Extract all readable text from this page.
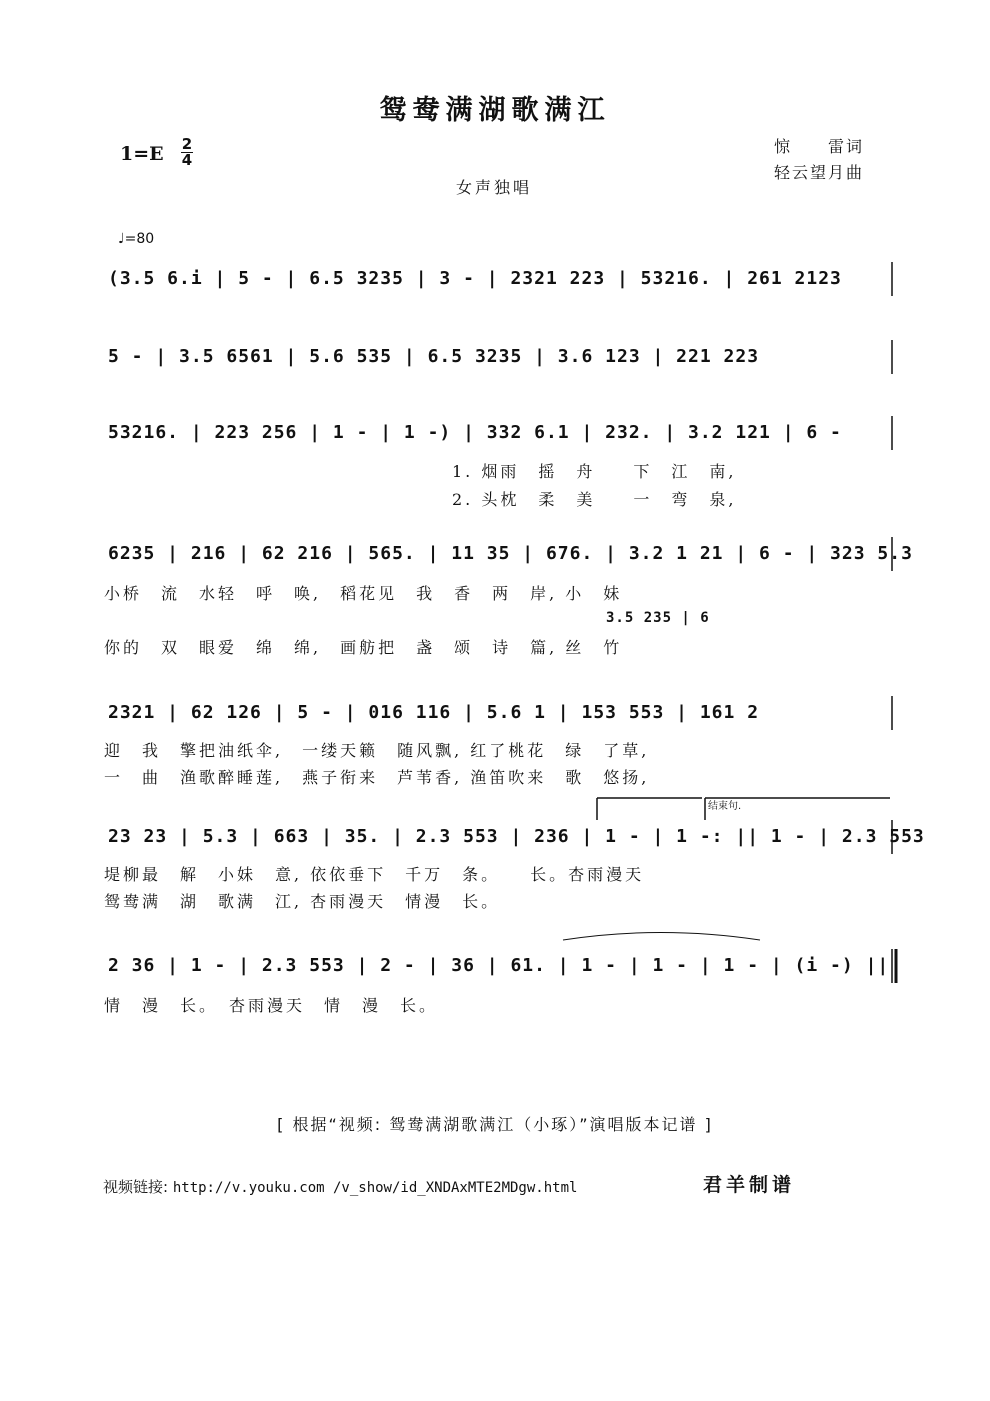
鸳鸯满湖歌满江
1=E 2
4
惊　　雷词
轻云望月曲
女声独唱
♩=80
(3.5 6.i | 5 - | 6.5 3235 | 3 - | 2321 223 | 53216. | 261 2123
5 - | 3.5 6561 | 5.6 535 | 6.5 3235 | 3.6 123 | 221 223
53216. | 223 256 | 1 - | 1 -) | 332 6.1 | 232. | 3.2 121 | 6 -
1. 烟雨　摇　舟　　下　江　南,
2. 头枕　柔　美　　一　弯　泉,
6235 | 216 | 62 216 | 565. | 11 35 | 676. | 3.2 1 21 | 6 - | 323 5.3
小桥　流　水轻　呼　唤,　稻花见　我　香　两　岸, 小　妹
3.5 235 | 6
你的　双　眼爱　绵　绵,　画舫把　盏　颂　诗　篇, 丝　竹
2321 | 62 126 | 5 - | 016 116 | 5.6 1 | 153 553 | 161 2
迎　我　擎把油纸伞,　一缕天籁　随风飘, 红了桃花　绿　了草,
一　曲　渔歌醉睡莲,　燕子衔来　芦苇香, 渔笛吹来　歌　悠扬,
结束句.
23 23 | 5.3 | 663 | 35. | 2.3 553 | 236 | 1 - | 1 -: || 1 - | 2.3 553
堤柳最　解　小妹　意, 依依垂下　千万　条。　　长。杏雨漫天
鸳鸯满　湖　歌满　江, 杏雨漫天　情漫　长。
2 36 | 1 - | 2.3 553 | 2 - | 36 | 61. | 1 - | 1 - | 1 - | (i -) ||
情　漫　长。　杏雨漫天　情　漫　长。
[ 根据“视频: 鸳鸯满湖歌满江（小琢）”演唱版本记谱 ]
视频链接: http://v.youku.com /v_show/id_XNDAxMTE2MDgw.html	君羊制谱
